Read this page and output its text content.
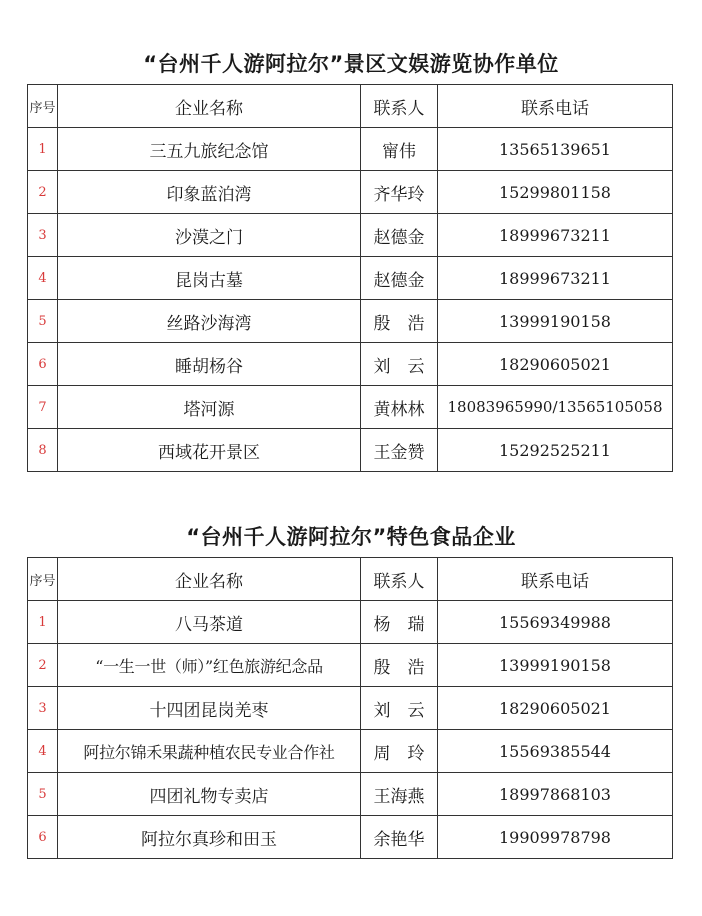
“台州千人游阿拉尔”景区文娱游览协作单位
序号	企业名称	联系人	联系电话
1	三五九旅纪念馆	甯伟	13565139651
2	印象蓝泊湾	齐华玲	15299801158
3	沙漠之门	赵德金	18999673211
4	昆岗古墓	赵德金	18999673211
5	丝路沙海湾	殷　浩	13999190158
6	睡胡杨谷	刘　云	18290605021
7	塔河源	黄林林	18083965990/13565105058
8	西域花开景区	王金赞	15292525211
“台州千人游阿拉尔”特色食品企业
序号	企业名称	联系人	联系电话
1	八马茶道	杨　瑞	15569349988
2	“一生一世（师）”红色旅游纪念品	殷　浩	13999190158
3	十四团昆岗羌枣	刘　云	18290605021
4	阿拉尔锦禾果蔬种植农民专业合作社	周　玲	15569385544
5	四团礼物专卖店	王海燕	18997868103
6	阿拉尔真珍和田玉	余艳华	19909978798
